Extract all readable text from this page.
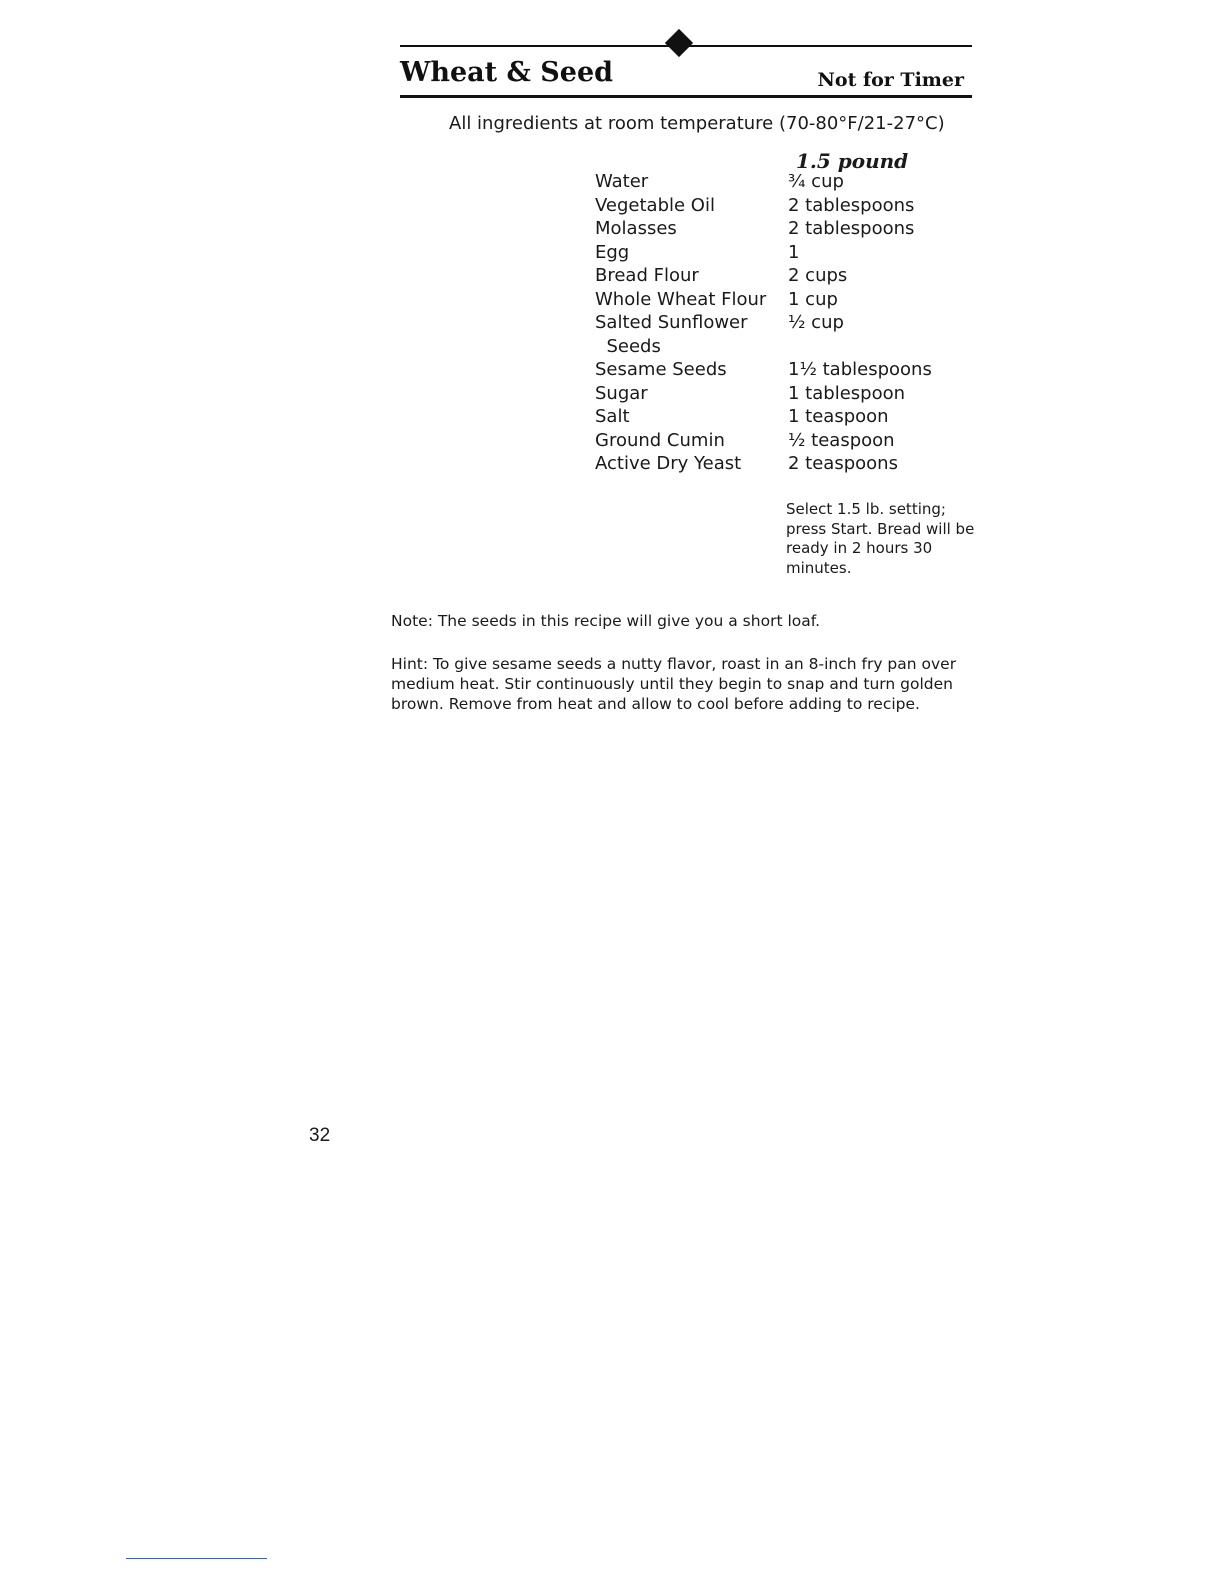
Wheat & Seed	Not for Timer
All ingredients at room temperature (70-80°F/21-27°C)
1.5 pound
Water	¾ cup
Vegetable Oil	2 tablespoons
Molasses	2 tablespoons
Egg	1
Bread Flour	2 cups
Whole Wheat Flour	1 cup
Salted Sunflower	½ cup
Seeds
Sesame Seeds	1½ tablespoons
Sugar	1 tablespoon
Salt	1 teaspoon
Ground Cumin	½ teaspoon
Active Dry Yeast	2 teaspoons
Select 1.5 lb. setting; press Start. Bread will be ready in 2 hours 30 minutes.
Note: The seeds in this recipe will give you a short loaf.
Hint: To give sesame seeds a nutty flavor, roast in an 8-inch fry pan over medium heat. Stir continuously until they begin to snap and turn golden brown. Remove from heat and allow to cool before adding to recipe.
32
